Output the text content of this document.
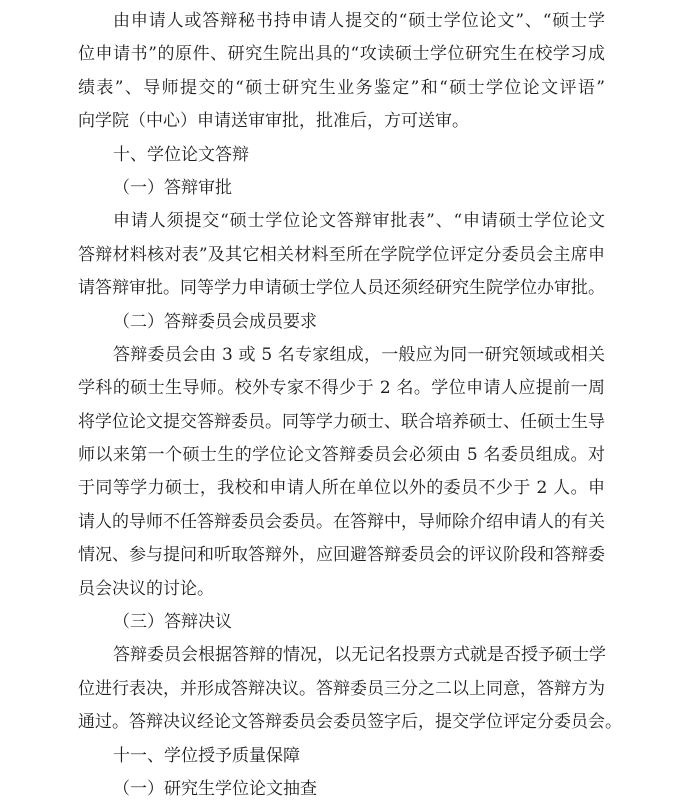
由申请人或答辩秘书持申请人提交的“硕士学位论文”、“硕士学
位申请书”的原件、研究生院出具的“攻读硕士学位研究生在校学习成
绩表”、导师提交的“硕士研究生业务鉴定”和“硕士学位论文评语”
向学院（中心）申请送审审批，批准后，方可送审。
十、学位论文答辩
（一）答辩审批
申请人须提交“硕士学位论文答辩审批表”、“申请硕士学位论文
答辩材料核对表”及其它相关材料至所在学院学位评定分委员会主席申
请答辩审批。同等学力申请硕士学位人员还须经研究生院学位办审批。
（二）答辩委员会成员要求
答辩委员会由 3 或 5 名专家组成，一般应为同一研究领域或相关
学科的硕士生导师。校外专家不得少于 2 名。学位申请人应提前一周
将学位论文提交答辩委员。同等学力硕士、联合培养硕士、任硕士生导
师以来第一个硕士生的学位论文答辩委员会必须由 5 名委员组成。对
于同等学力硕士，我校和申请人所在单位以外的委员不少于 2 人。申
请人的导师不任答辩委员会委员。在答辩中，导师除介绍申请人的有关
情况、参与提问和听取答辩外，应回避答辩委员会的评议阶段和答辩委
员会决议的讨论。
（三）答辩决议
答辩委员会根据答辩的情况，以无记名投票方式就是否授予硕士学
位进行表决，并形成答辩决议。答辩委员三分之二以上同意，答辩方为
通过。答辩决议经论文答辩委员会委员签字后，提交学位评定分委员会。
十一、学位授予质量保障
（一）研究生学位论文抽查
